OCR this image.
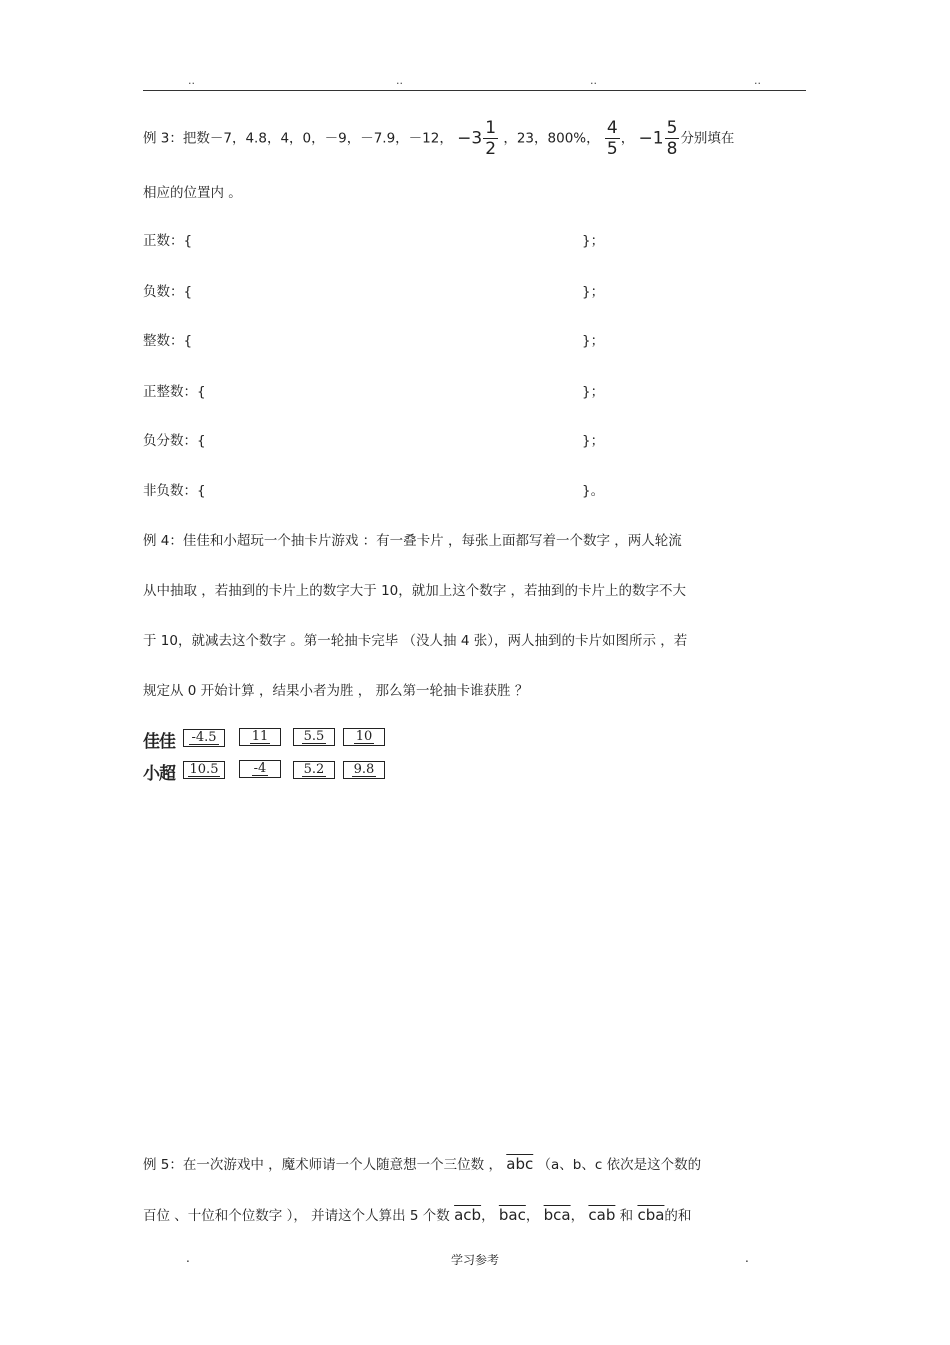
..	..	..	..
例 3：把数－7，4.8，4，0，－9，－7.9，－12， $-3 \frac{1}{2}$ ，23，800%， $\frac{4}{5}$ ， $-1 \frac{5}{8}$ 分别填在
相应的位置内 。
正数：{	}；
负数：{	}；
整数：{	}；
正整数：{	}；
负分数：{	}；
非负数：{	}。
例 4：佳佳和小超玩一个抽卡片游戏 ：有一叠卡片 ，每张上面都写着一个数字 ，两人轮流
从中抽取 ，若抽到的卡片上的数字大于 10，就加上这个数字 ，若抽到的卡片上的数字不大
于 10，就减去这个数字 。第一轮抽卡完毕 （没人抽 4 张），两人抽到的卡片如图所示 ，若
规定从 0 开始计算 ，结果小者为胜 ， 那么第一轮抽卡谁获胜 ？
佳佳	-4.5	11	5.5	10
小超	10.5	-4	5.2	9.8
例 5：在一次游戏中 ，魔术师请一个人随意想一个三位数 ， $\overline{abc}$ （a、b、c 依次是这个数的
百位 、十位和个位数字 ）， 并请这个人算出 5 个数 $\overline{acb}$， $\overline{bac}$， $\overline{bca}$， $\overline{cab}$ 和 $\overline{cba}$的和
.	学习参考	.
